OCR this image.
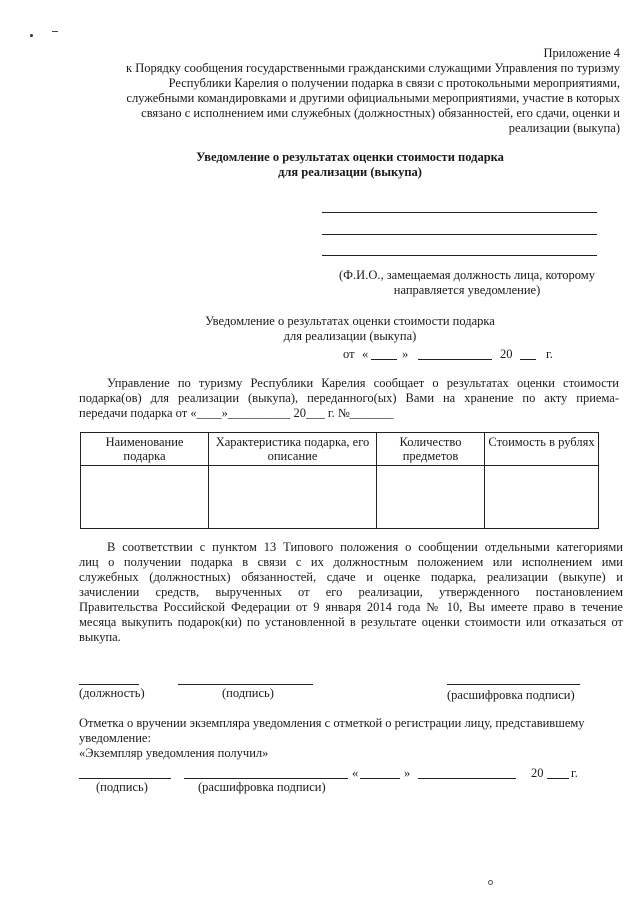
Приложение 4
к Порядку сообщения государственными гражданскими служащими Управления по туризму
Республики Карелия о получении подарка в связи с протокольными мероприятиями,
служебными командировками и другими официальными мероприятиями, участие в которых
связано с исполнением ими служебных (должностных) обязанностей, его сдачи, оценки и
реализации (выкупа)
Уведомление о результатах оценки стоимости подарка
для реализации (выкупа)
(Ф.И.О., замещаемая должность лица, которому
направляется уведомление)
Уведомление о результатах оценки стоимости подарка
для реализации (выкупа)
от «	»	20	г.
Управление по туризму Республики Карелия сообщает о результатах оценки стоимости
подарка(ов) для реализации (выкупа), переданного(ых) Вами на хранение по акту приема-
передачи подарка от «____»__________ 20___ г. №_______
Наименование подарка	Характеристика подарка, его описание	Количество предметов	Стоимость в рублях

В соответствии с пунктом 13 Типового положения о сообщении отдельными категориями
лиц о получении подарка в связи с их должностным положением или исполнением ими
служебных (должностных) обязанностей, сдаче и оценке подарка, реализации (выкупе) и
зачислении средств, вырученных от его реализации, утвержденного постановлением
Правительства Российской Федерации от 9 января 2014 года № 10, Вы имеете право в течение
месяца выкупить подарок(ки) по установленной в результате оценки стоимости или отказаться от
выкупа.
(должность)	(подпись)	(расшифровка подписи)
Отметка о вручении экземпляра уведомления с отметкой о регистрации лицу, представившему
уведомление:
«Экземпляр уведомления получил»
«	»	20 г.
(подпись)	(расшифровка подписи)
